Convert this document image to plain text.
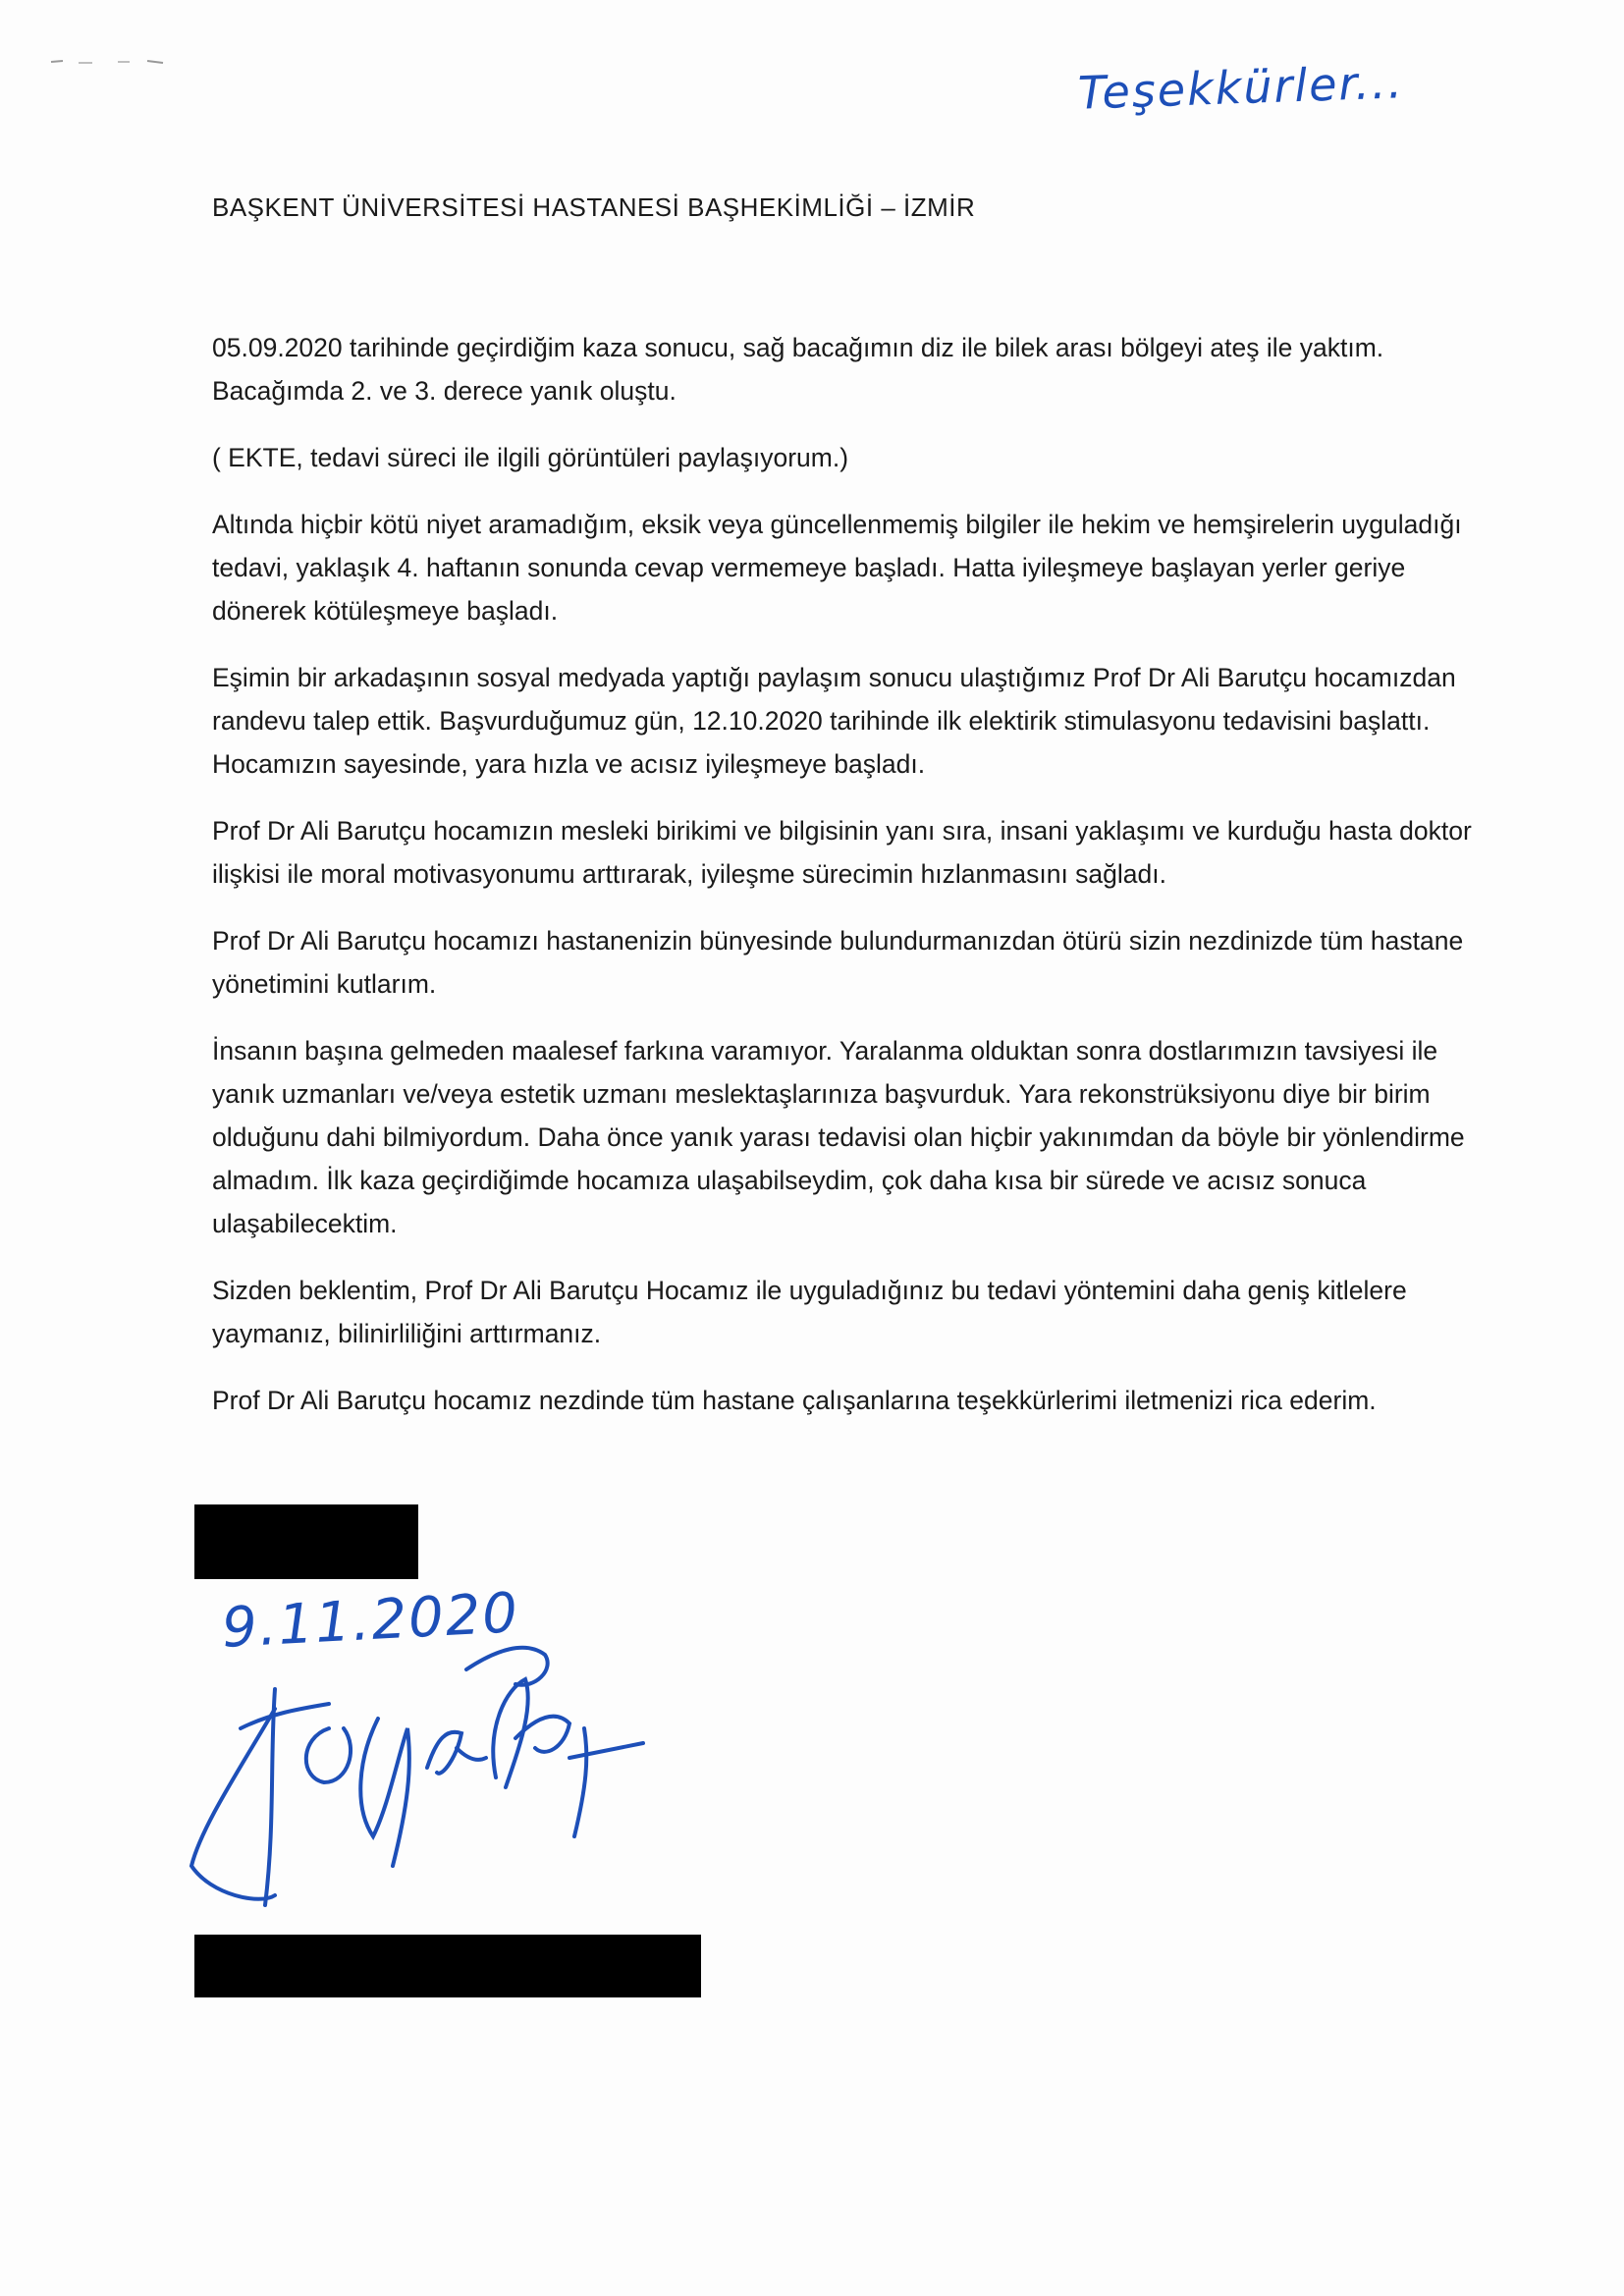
Teşekkürler...
BAŞKENT ÜNİVERSİTESİ HASTANESİ BAŞHEKİMLİĞİ – İZMİR

05.09.2020 tarihinde geçirdiğim kaza sonucu, sağ bacağımın diz ile bilek arası bölgeyi ateş ile yaktım. Bacağımda 2. ve 3. derece yanık oluştu.

( EKTE, tedavi süreci ile ilgili görüntüleri paylaşıyorum.)

Altında hiçbir kötü niyet aramadığım, eksik veya güncellenmemiş bilgiler ile hekim ve hemşirelerin uyguladığı tedavi, yaklaşık 4. haftanın sonunda cevap vermemeye başladı. Hatta iyileşmeye başlayan yerler geriye dönerek kötüleşmeye başladı.

Eşimin bir arkadaşının sosyal medyada yaptığı paylaşım sonucu ulaştığımız Prof Dr Ali Barutçu hocamızdan randevu talep ettik. Başvurduğumuz gün, 12.10.2020 tarihinde ilk elektirik stimulasyonu tedavisini başlattı. Hocamızın sayesinde, yara hızla ve acısız iyileşmeye başladı.

Prof Dr Ali Barutçu hocamızın mesleki birikimi ve bilgisinin yanı sıra, insani yaklaşımı ve kurduğu hasta doktor ilişkisi ile moral motivasyonumu arttırarak, iyileşme sürecimin hızlanmasını sağladı.

Prof Dr Ali Barutçu hocamızı hastanenizin bünyesinde bulundurmanızdan ötürü sizin nezdinizde tüm hastane yönetimini kutlarım.

İnsanın başına gelmeden maalesef farkına varamıyor. Yaralanma olduktan sonra dostlarımızın tavsiyesi ile yanık uzmanları ve/veya estetik uzmanı meslektaşlarınıza başvurduk. Yara rekonstrüksiyonu diye bir birim olduğunu dahi bilmiyordum. Daha önce yanık yarası tedavisi olan hiçbir yakınımdan da böyle bir yönlendirme almadım. İlk kaza geçirdiğimde hocamıza ulaşabilseydim, çok daha kısa bir sürede ve acısız sonuca ulaşabilecektim.

Sizden beklentim, Prof Dr Ali Barutçu Hocamız ile uyguladığınız bu tedavi yöntemini daha geniş kitlelere yaymanız, bilinirliliğini arttırmanız.

Prof Dr Ali Barutçu hocamız nezdinde tüm hastane çalışanlarına teşekkürlerimi iletmenizi rica ederim.

9.11.2020
